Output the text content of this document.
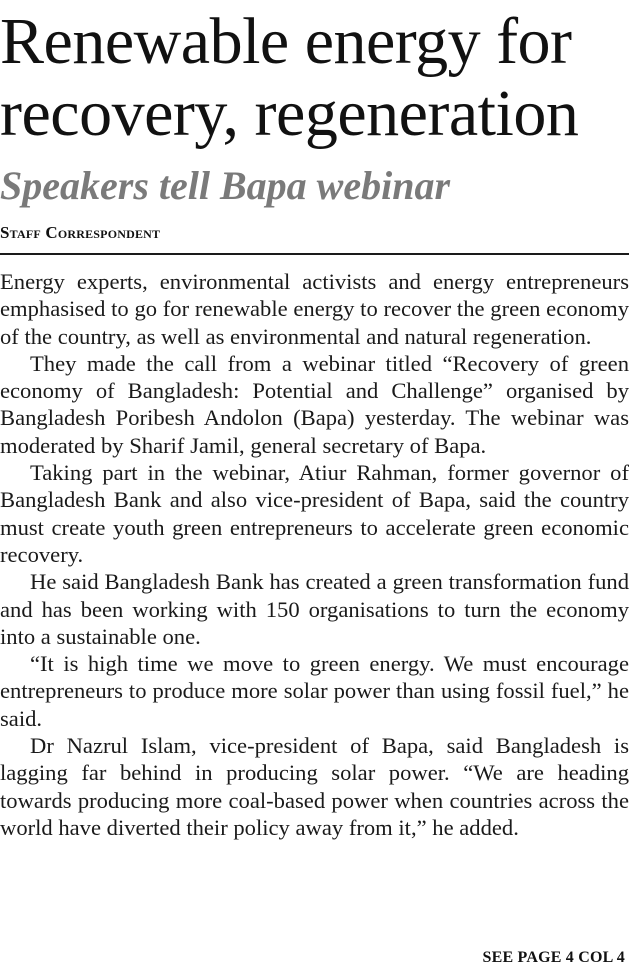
Renewable energy for
recovery, regeneration
Speakers tell Bapa webinar
Staff Correspondent

Energy experts, environmental activists and energy entrepreneurs emphasised to go for renewable energy to recover the green economy of the country, as well as environmental and natural regeneration.

They made the call from a webinar titled “Recovery of green economy of Bangladesh: Potential and Challenge” organised by Bangladesh Poribesh Andolon (Bapa) yesterday. The webinar was moderated by Sharif Jamil, general secretary of Bapa.

Taking part in the webinar, Atiur Rahman, former governor of Bangladesh Bank and also vice-president of Bapa, said the country must create youth green entrepreneurs to accelerate green economic recovery.

He said Bangladesh Bank has created a green transformation fund and has been working with 150 organisations to turn the economy into a sustainable one.

“It is high time we move to green energy. We must encourage entrepreneurs to produce more solar power than using fossil fuel,” he said.

Dr Nazrul Islam, vice-president of Bapa, said Bangladesh is lagging far behind in producing solar power. “We are heading towards producing more coal-based power when countries across the world have diverted their policy away from it,” he added.

SEE PAGE 4 COL 4
